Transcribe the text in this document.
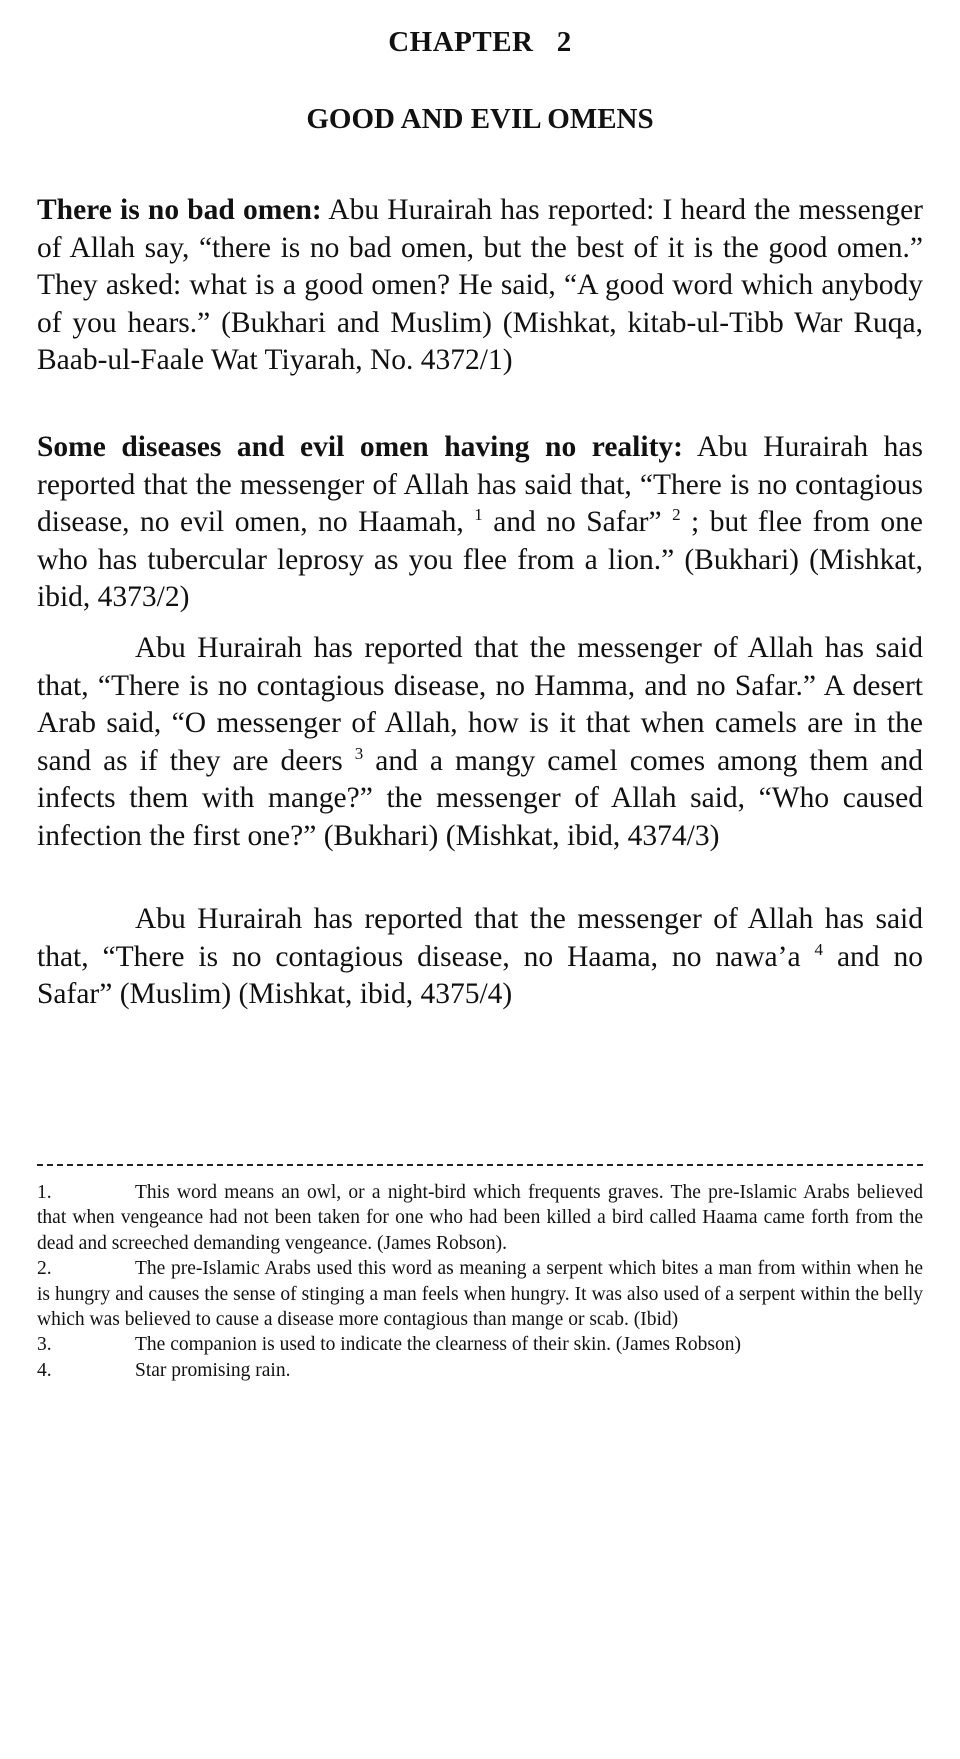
CHAPTER   2
GOOD AND EVIL OMENS

There is no bad omen: Abu Hurairah has reported: I heard the messenger of Allah say, “there is no bad omen, but the best of it is the good omen.” They asked: what is a good omen? He said, “A good word which anybody of you hears.” (Bukhari and Muslim) (Mishkat, kitab-ul-Tibb War Ruqa, Baab-ul-Faale Wat Tiyarah, No. 4372/1)

Some diseases and evil omen having no reality: Abu Hurairah has reported that the messenger of Allah has said that, “There is no contagious disease, no evil omen, no Haamah, $^1$ and no Safar” $^2$ ; but flee from one who has tubercular leprosy as you flee from a lion.” (Bukhari) (Mishkat, ibid, 4373/2)

Abu Hurairah has reported that the messenger of Allah has said that, “There is no contagious disease, no Hamma, and no Safar.” A desert Arab said, “O messenger of Allah, how is it that when camels are in the sand as if they are deers $^3$ and a mangy camel comes among them and infects them with mange?” the messenger of Allah said, “Who caused infection the first one?” (Bukhari) (Mishkat, ibid, 4374/3)

Abu Hurairah has reported that the messenger of Allah has said that, “There is no contagious disease, no Haama, no nawa’a $^4$ and no Safar” (Muslim) (Mishkat, ibid, 4375/4)

1.	This word means an owl, or a night-bird which frequents graves. The pre-Islamic Arabs believed that when vengeance had not been taken for one who had been killed a bird called Haama came forth from the dead and screeched demanding vengeance. (James Robson).
2.	The pre-Islamic Arabs used this word as meaning a serpent which bites a man from within when he is hungry and causes the sense of stinging a man feels when hungry. It was also used of a serpent within the belly which was believed to cause a disease more contagious than mange or scab. (Ibid)
3.	The companion is used to indicate the clearness of their skin. (James Robson)
4.	Star promising rain.
